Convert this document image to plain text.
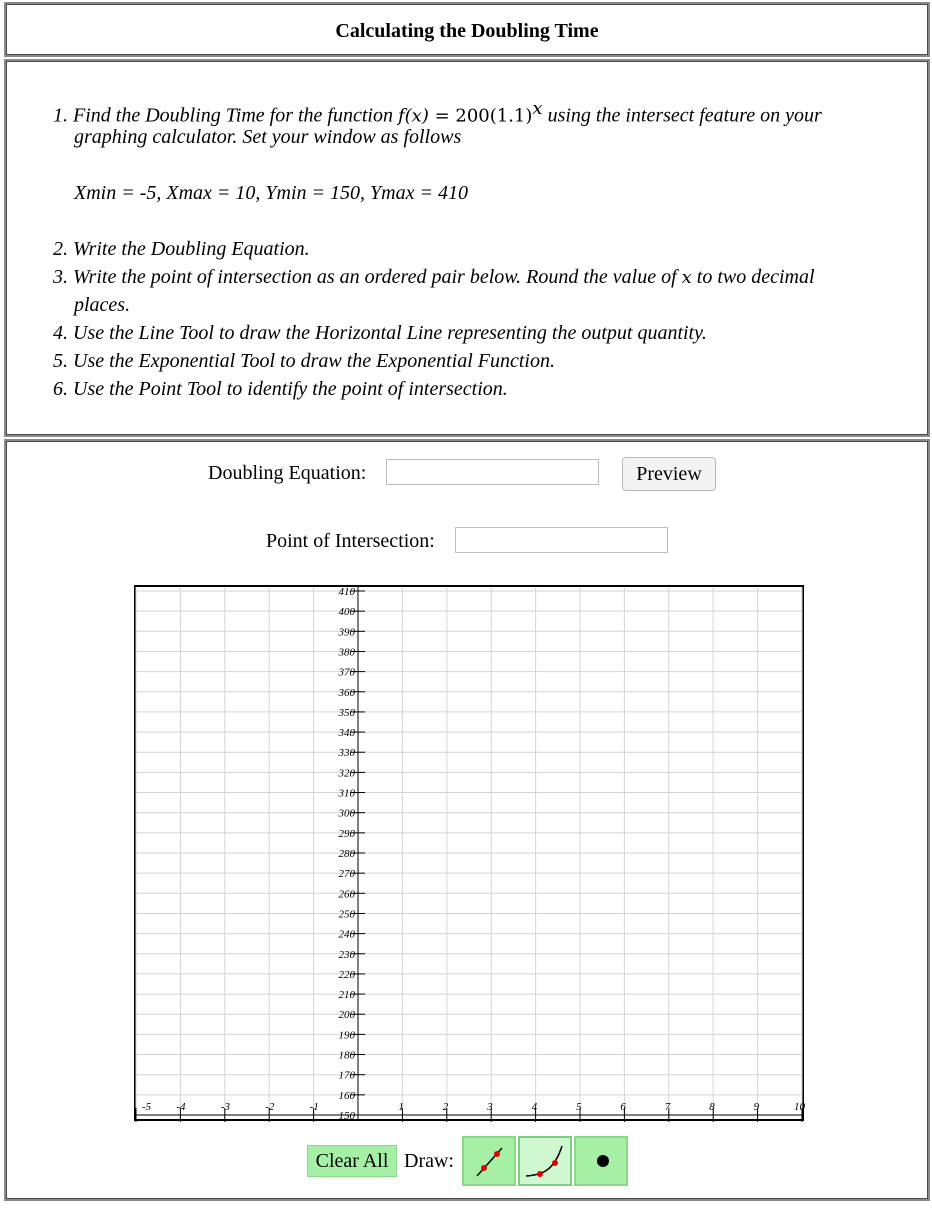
Calculating the Doubling Time
1. Find the Doubling Time for the function $f(x) = 200(1.1)^x$ using the intersect feature on your
graphing calculator. Set your window as follows
Xmin = -5, Xmax = 10, Ymin = 150, Ymax = 410
2. Write the Doubling Equation.
3. Write the point of intersection as an ordered pair below. Round the value of x to two decimal
places.
4. Use the Line Tool to draw the Horizontal Line representing the output quantity.
5. Use the Exponential Tool to draw the Exponential Function.
6. Use the Point Tool to identify the point of intersection.
Doubling Equation:	Preview
Point of Intersection:
-5 -4	-3	-2	-1	1	2	3	4	5	6	7	8	9	10
150
160
170
180
190
200
210
220
230
240
250
260
270
280
290
300
310
320
330
340
350
360
370
380
390
400
410
Clear All Draw:
